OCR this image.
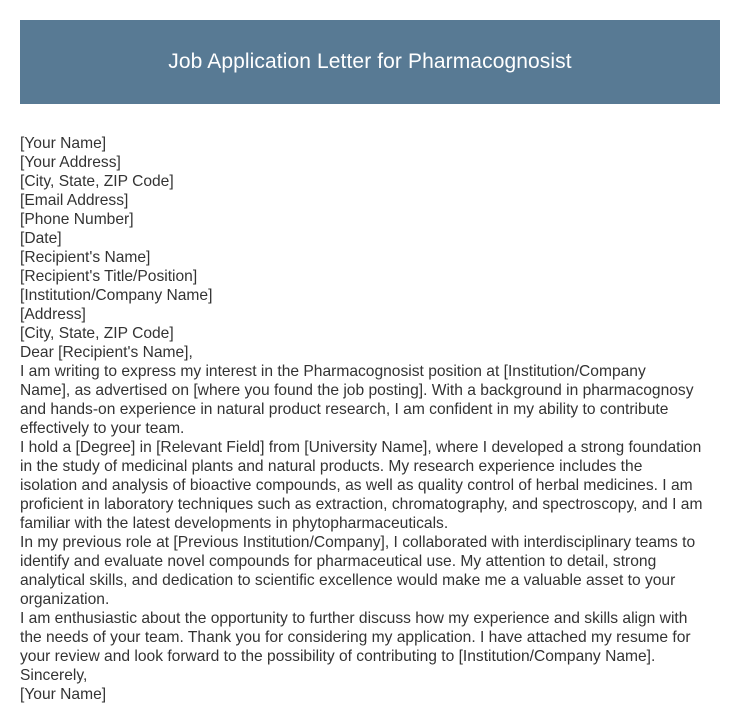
Job Application Letter for Pharmacognosist
[Your Name]
[Your Address]
[City, State, ZIP Code]
[Email Address]
[Phone Number]
[Date]
[Recipient's Name]
[Recipient's Title/Position]
[Institution/Company Name]
[Address]
[City, State, ZIP Code]
Dear [Recipient's Name],
I am writing to express my interest in the Pharmacognosist position at [Institution/Company
Name], as advertised on [where you found the job posting]. With a background in pharmacognosy
and hands-on experience in natural product research, I am confident in my ability to contribute
effectively to your team.
I hold a [Degree] in [Relevant Field] from [University Name], where I developed a strong foundation
in the study of medicinal plants and natural products. My research experience includes the
isolation and analysis of bioactive compounds, as well as quality control of herbal medicines. I am
proficient in laboratory techniques such as extraction, chromatography, and spectroscopy, and I am
familiar with the latest developments in phytopharmaceuticals.
In my previous role at [Previous Institution/Company], I collaborated with interdisciplinary teams to
identify and evaluate novel compounds for pharmaceutical use. My attention to detail, strong
analytical skills, and dedication to scientific excellence would make me a valuable asset to your
organization.
I am enthusiastic about the opportunity to further discuss how my experience and skills align with
the needs of your team. Thank you for considering my application. I have attached my resume for
your review and look forward to the possibility of contributing to [Institution/Company Name].
Sincerely,
[Your Name]
